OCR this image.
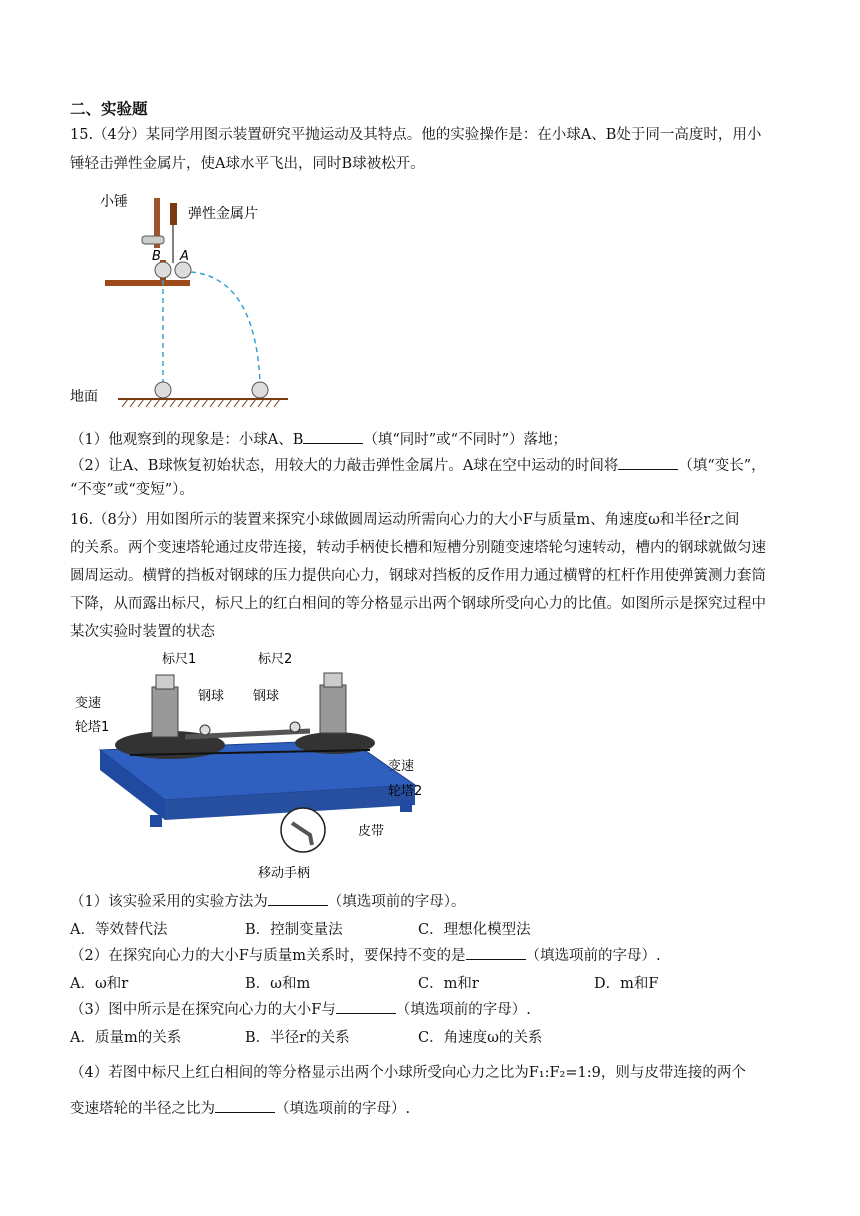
二、实验题
15.（4分）某同学用图示装置研究平抛运动及其特点。他的实验操作是：在小球A、B处于同一高度时，用小
锤轻击弹性金属片，使A球水平飞出，同时B球被松开。
小锤
弹性金属片
B A
地面
（1）他观察到的现象是：小球A、B	（填“同时”或“不同时”）落地；
（2）让A、B球恢复初始状态，用较大的力敲击弹性金属片。A球在空中运动的时间将	（填“变长”，
“不变”或“变短”）。
16.（8分）用如图所示的装置来探究小球做圆周运动所需向心力的大小F与质量m、角速度ω和半径r之间
的关系。两个变速塔轮通过皮带连接，转动手柄使长槽和短槽分别随变速塔轮匀速转动，槽内的钢球就做匀速
圆周运动。横臂的挡板对钢球的压力提供向心力，钢球对挡板的反作用力通过横臂的杠杆作用使弹簧测力套筒
下降，从而露出标尺，标尺上的红白相间的等分格显示出两个钢球所受向心力的比值。如图所示是探究过程中
某次实验时装置的状态
标尺1	标尺2
钢球 钢球
变速
轮塔1
变速
轮塔2
皮带
移动手柄
（1）该实验采用的实验方法为	（填选项前的字母）。
A．等效替代法	B．控制变量法	C．理想化模型法
（2）在探究向心力的大小F与质量m关系时，要保持不变的是	（填选项前的字母）.
A．ω和r	B．ω和m	C．m和r	D．m和F
（3）图中所示是在探究向心力的大小F与	（填选项前的字母）.
A．质量m的关系	B．半径r的关系	C．角速度ω的关系
（4）若图中标尺上红白相间的等分格显示出两个小球所受向心力之比为F₁:F₂=1:9，则与皮带连接的两个
变速塔轮的半径之比为	（填选项前的字母）.
